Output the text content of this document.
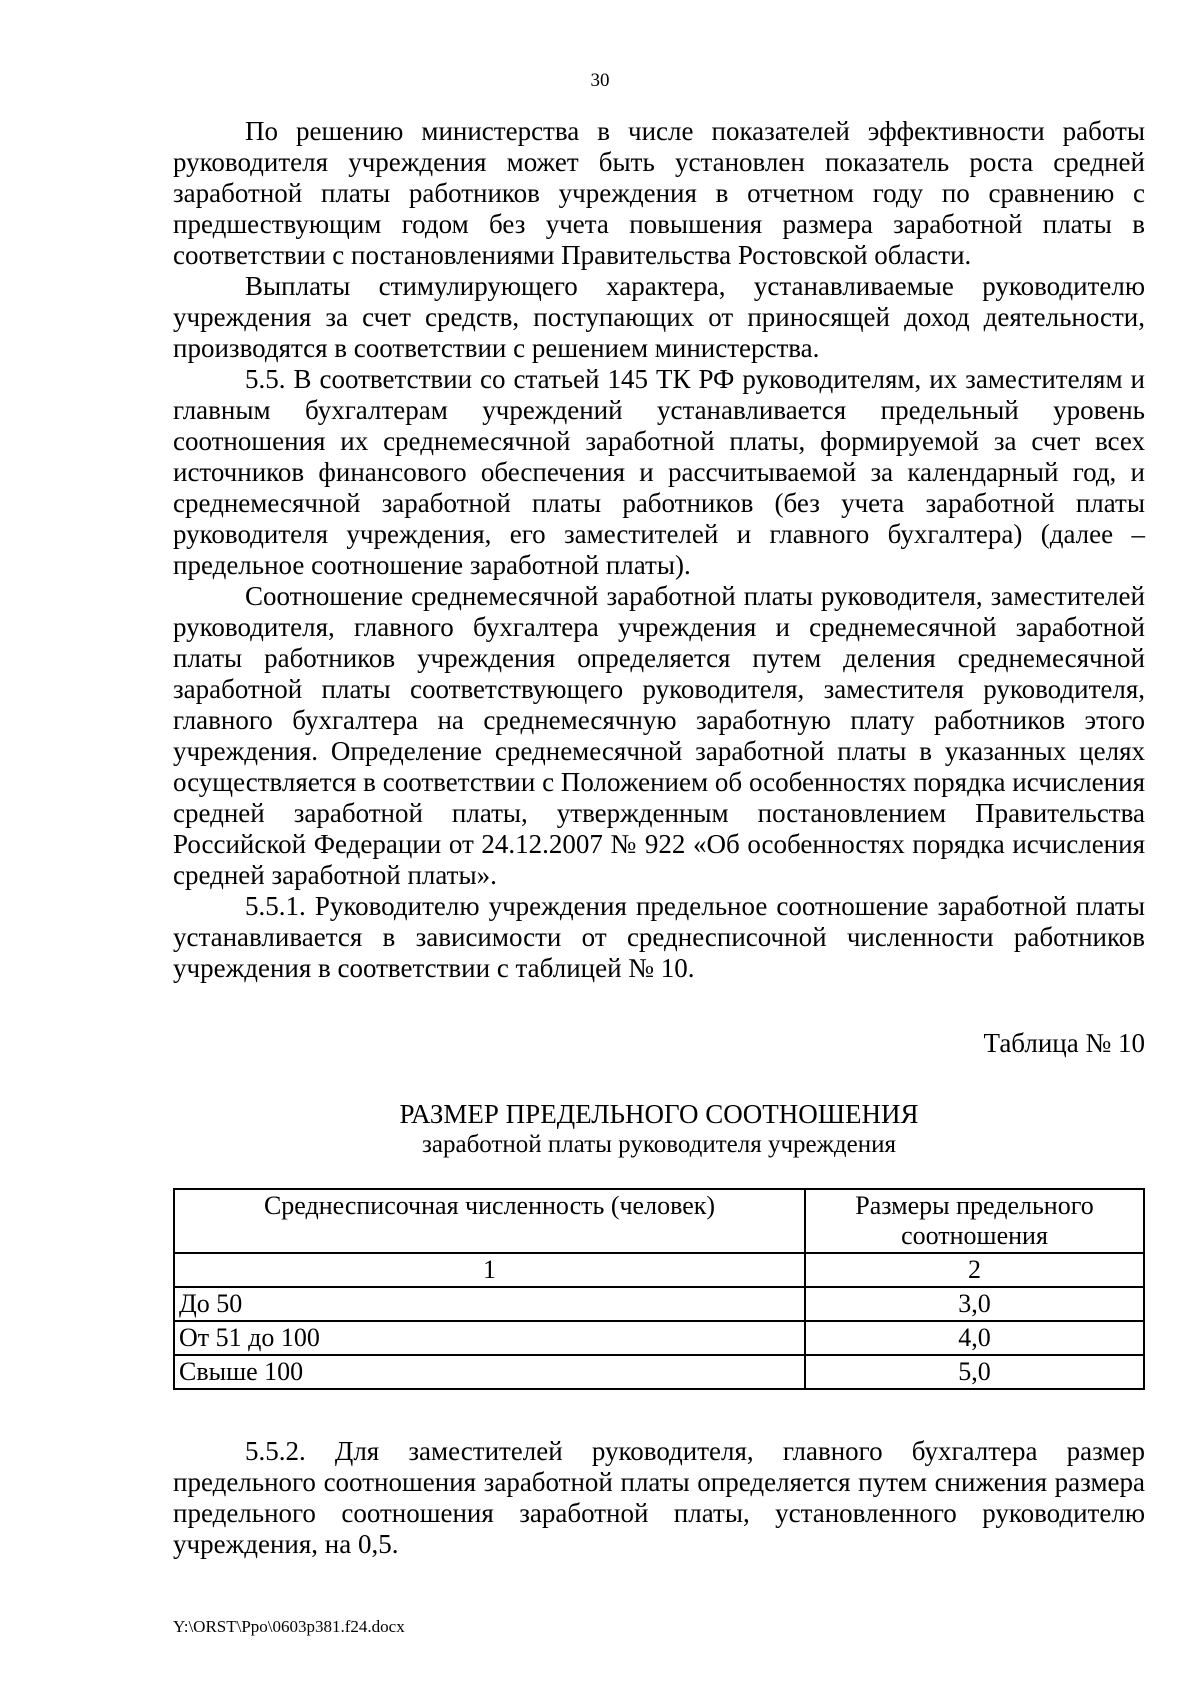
30

По решению министерства в числе показателей эффективности работы руководителя учреждения может быть установлен показатель роста средней заработной платы работников учреждения в отчетном году по сравнению с предшествующим годом без учета повышения размера заработной платы в соответствии с постановлениями Правительства Ростовской области.

Выплаты стимулирующего характера, устанавливаемые руководителю учреждения за счет средств, поступающих от приносящей доход деятельности, производятся в соответствии с решением министерства.

5.5. В соответствии со статьей 145 ТК РФ руководителям, их заместителям и главным бухгалтерам учреждений устанавливается предельный уровень соотношения их среднемесячной заработной платы, формируемой за счет всех источников финансового обеспечения и рассчитываемой за календарный год, и среднемесячной заработной платы работников (без учета заработной платы руководителя учреждения, его заместителей и главного бухгалтера) (далее – предельное соотношение заработной платы).

Соотношение среднемесячной заработной платы руководителя, заместителей руководителя, главного бухгалтера учреждения и среднемесячной заработной платы работников учреждения определяется путем деления среднемесячной заработной платы соответствующего руководителя, заместителя руководителя, главного бухгалтера на среднемесячную заработную плату работников этого учреждения. Определение среднемесячной заработной платы в указанных целях осуществляется в соответствии с Положением об особенностях порядка исчисления средней заработной платы, утвержденным постановлением Правительства Российской Федерации от 24.12.2007 № 922 «Об особенностях порядка исчисления средней заработной платы».

5.5.1. Руководителю учреждения предельное соотношение заработной платы устанавливается в зависимости от среднесписочной численности работников учреждения в соответствии с таблицей № 10.

Таблица № 10
РАЗМЕР ПРЕДЕЛЬНОГО СООТНОШЕНИЯ
заработной платы руководителя учреждения
Среднесписочная численность (человек)	Размеры предельного соотношения
1	2
До 50	3,0
От 51 до 100	4,0
Свыше 100	5,0

5.5.2. Для заместителей руководителя, главного бухгалтера размер предельного соотношения заработной платы определяется путем снижения размера предельного соотношения заработной платы, установленного руководителю учреждения, на 0,5.

Y:\ORST\Ppo\0603p381.f24.docx
